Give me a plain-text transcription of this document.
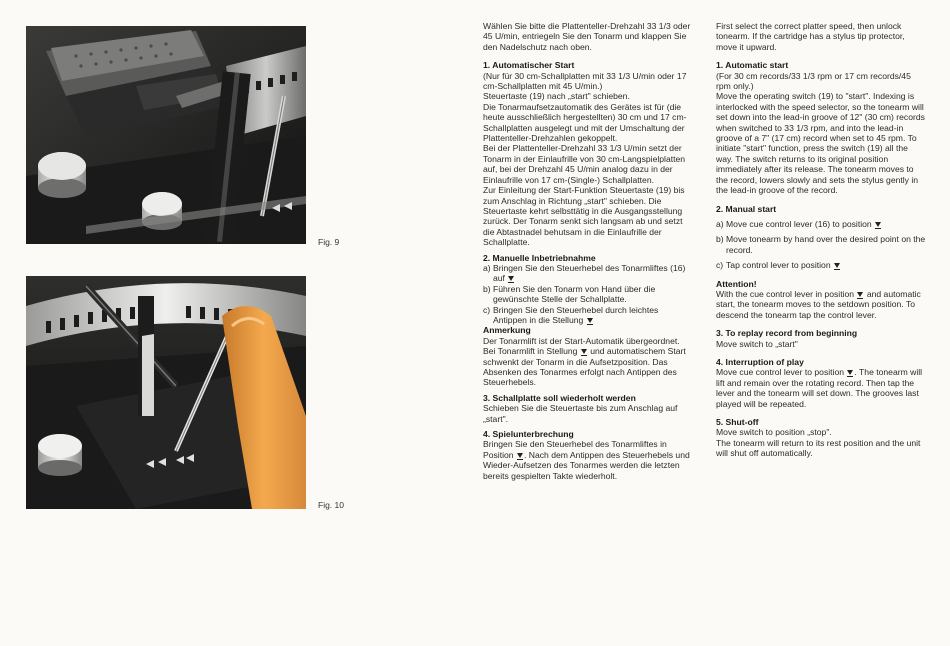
Fig. 9
Fig. 10

Wählen Sie bitte die Plattenteller-Drehzahl 33 1/3 oder 45 U/min, entriegeln Sie den Tonarm und klappen Sie den Nadelschutz nach oben.

1. Automatischer Start

(Nur für 30 cm-Schallplatten mit 33 1/3 U/min oder 17 cm-Schallplatten mit 45 U/min.)

Steuertaste (19) nach „start" schieben.

Die Tonarmaufsetzautomatik des Gerätes ist für (die heute ausschließlich hergestellten) 30 cm und 17 cm-Schallplatten ausgelegt und mit der Umschaltung der Plattenteller-Drehzahlen gekoppelt.

Bei der Plattenteller-Drehzahl 33 1/3 U/min setzt der Tonarm in der Einlaufrille von 30 cm-Langspielplatten auf, bei der Drehzahl 45 U/min analog dazu in der Einlaufrille von 17 cm-(Single-) Schallplatten.

Zur Einleitung der Start-Funktion Steuertaste (19) bis zum Anschlag in Richtung „start" schieben. Die Steuertaste kehrt selbsttätig in die Ausgangsstellung zurück. Der Tonarm senkt sich langsam ab und setzt die Abtastnadel behutsam in die Einlaufrille der Schallplatte.

2. Manuelle Inbetriebnahme
a) Bringen Sie den Steuerhebel des Tonarmliftes (16) auf
b) Führen Sie den Tonarm von Hand über die gewünschte Stelle der Schallplatte.
c) Bringen Sie den Steuerhebel durch leichtes Antippen in die Stellung
Anmerkung

Der Tonarmlift ist der Start-Automatik übergeordnet. Bei Tonarmlift in Stellung und automatischem Start schwenkt der Tonarm in die Aufsetzposition. Das Absenken des Tonarmes erfolgt nach Antippen des Steuerhebels.

3. Schallplatte soll wiederholt werden

Schieben Sie die Steuertaste bis zum Anschlag auf „start".

4. Spielunterbrechung

Bringen Sie den Steuerhebel des Tonarmliftes in Position . Nach dem Antippen des Steuerhebels und Wieder-Aufsetzen des Tonarmes werden die letzten bereits gespielten Takte wiederholt.

First select the correct platter speed, then unlock tonearm. If the cartridge has a stylus tip protector, move it upward.

1. Automatic start

(For 30 cm records/33 1/3 rpm or 17 cm records/45 rpm only.)

Move the operating switch (19) to "start". Indexing is interlocked with the speed selector, so the tonearm will set down into the lead-in groove of 12" (30 cm) records when switched to 33 1/3 rpm, and into the lead-in groove of a 7" (17 cm) record when set to 45 rpm. To initiate "start" function, press the switch (19) all the way. The switch returns to its original position immediately after its release. The tonearm moves to the record, lowers slowly and sets the stylus gently in the lead-in groove of the record.

2. Manual start
a) Move cue control lever (16) to position
b) Move tonearm by hand over the desired point on the record.
c) Tap control lever to position
Attention!

With the cue control lever in position and automatic start, the tonearm moves to the setdown position. To descend the tonearm tap the control lever.

3. To replay record from beginning

Move switch to „start"

4. Interruption of play

Move cue control lever to position . The tonearm will lift and remain over the rotating record. Then tap the lever and the tonearm will set down. The grooves last played will be repeated.

5. Shut-off

Move switch to position „stop".

The tonearm will return to its rest position and the unit will shut off automatically.
